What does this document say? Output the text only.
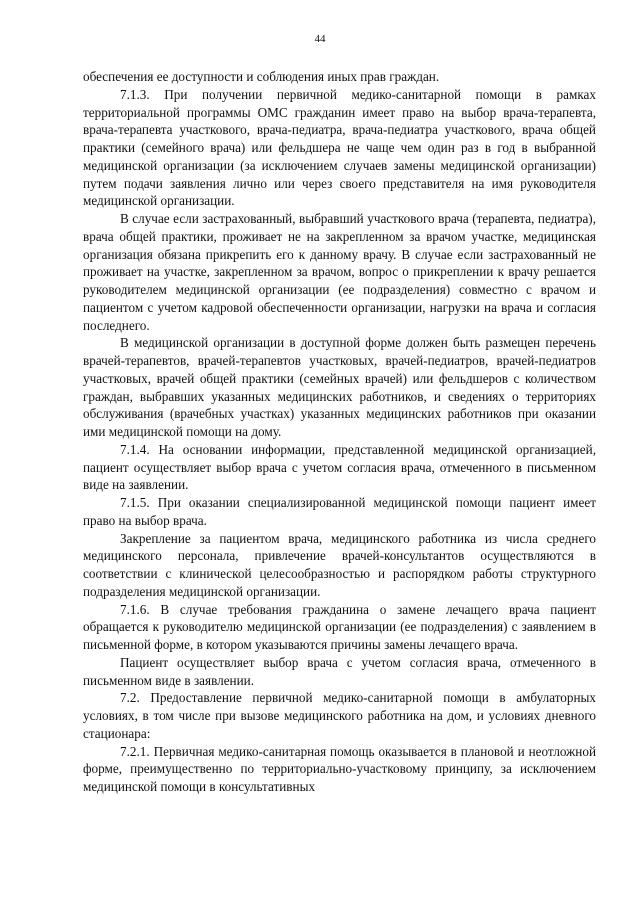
44

обеспечения ее доступности и соблюдения иных прав граждан.

7.1.3. При получении первичной медико-санитарной помощи в рамках территориальной программы ОМС гражданин имеет право на выбор врача-терапевта, врача-терапевта участкового, врача-педиатра, врача-педиатра участкового, врача общей практики (семейного врача) или фельдшера не чаще чем один раз в год в выбранной медицинской организации (за исключением случаев замены медицинской организации) путем подачи заявления лично или через своего представителя на имя руководителя медицинской организации.

В случае если застрахованный, выбравший участкового врача (терапевта, педиатра), врача общей практики, проживает не на закрепленном за врачом участке, медицинская организация обязана прикрепить его к данному врачу. В случае если застрахованный не проживает на участке, закрепленном за врачом, вопрос о прикреплении к врачу решается руководителем медицинской организации (ее подразделения) совместно с врачом и пациентом с учетом кадровой обеспеченности организации, нагрузки на врача и согласия последнего.

В медицинской организации в доступной форме должен быть размещен перечень врачей-терапевтов, врачей-терапевтов участковых, врачей-педиатров, врачей-педиатров участковых, врачей общей практики (семейных врачей) или фельдшеров с количеством граждан, выбравших указанных медицинских работников, и сведениях о территориях обслуживания (врачебных участках) указанных медицинских работников при оказании ими медицинской помощи на дому.

7.1.4. На основании информации, представленной медицинской организацией, пациент осуществляет выбор врача с учетом согласия врача, отмеченного в письменном виде на заявлении.

7.1.5. При оказании специализированной медицинской помощи пациент имеет право на выбор врача.

Закрепление за пациентом врача, медицинского работника из числа среднего медицинского персонала, привлечение врачей-консультантов осуществляются в соответствии с клинической целесообразностью и распорядком работы структурного подразделения медицинской организации.

7.1.6. В случае требования гражданина о замене лечащего врача пациент обращается к руководителю медицинской организации (ее подразделения) с заявлением в письменной форме, в котором указываются причины замены лечащего врача.

Пациент осуществляет выбор врача с учетом согласия врача, отмеченного в письменном виде в заявлении.

7.2. Предоставление первичной медико-санитарной помощи в амбулаторных условиях, в том числе при вызове медицинского работника на дом, и условиях дневного стационара:

7.2.1. Первичная медико-санитарная помощь оказывается в плановой и неотложной форме, преимущественно по территориально-участковому принципу, за исключением медицинской помощи в консультативных
